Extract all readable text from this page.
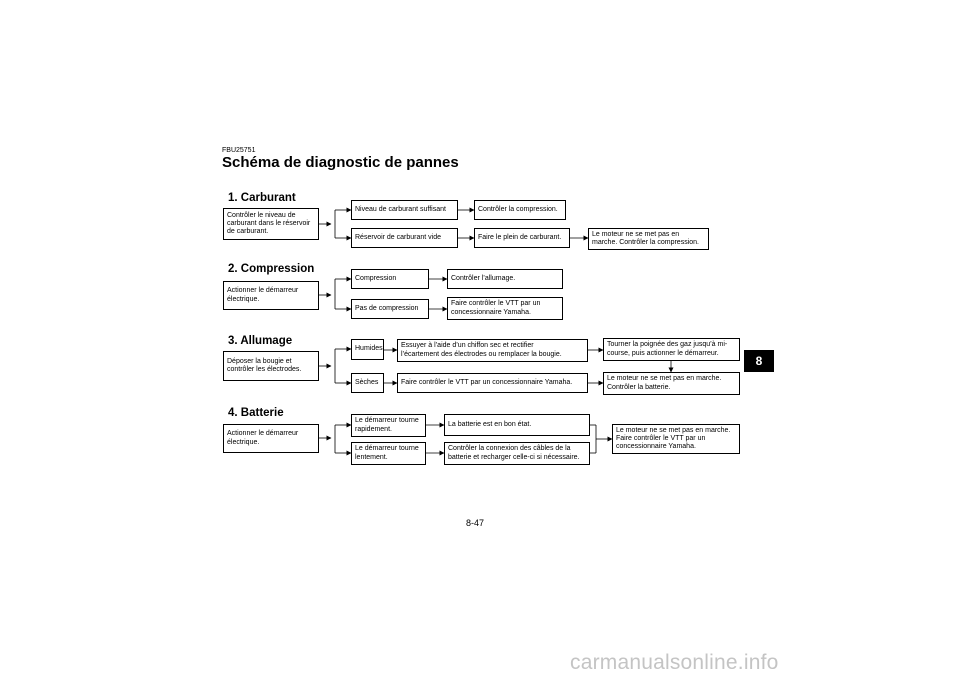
FBU25751
Schéma de diagnostic de pannes
1. Carburant
Contrôler le niveau de
carburant dans le réservoir
de carburant.
Niveau de carburant suffisant	Contrôler la compression.
Réservoir de carburant vide	Faire le plein de carburant.	Le moteur ne se met pas en
marche. Contrôler la compression.
2. Compression
Actionner le démarreur
électrique.
Compression	Contrôler l’allumage.
Pas de compression
Faire contrôler le VTT par un
concessionnaire Yamaha.
3. Allumage
Déposer la bougie et
contrôler les électrodes.
Humides	Essuyer à l’aide d’un chiffon sec et rectifier
l’écartement des électrodes ou remplacer la bougie.
Tourner la poignée des gaz jusqu’à mi-
course, puis actionner le démarreur.
Sèches	Faire contrôler le VTT par un concessionnaire Yamaha.
Le moteur ne se met pas en marche.
Contrôler la batterie.
4. Batterie
Actionner le démarreur
électrique.
Le démarreur tourne
rapidement.
La batterie est en bon état.
Le démarreur tourne
lentement.
Contrôler la connexion des câbles de la
batterie et recharger celle-ci si nécessaire.
Le moteur ne se met pas en marche.
Faire contrôler le VTT par un
concessionnaire Yamaha.
8
8-47
carmanualsonline.info
